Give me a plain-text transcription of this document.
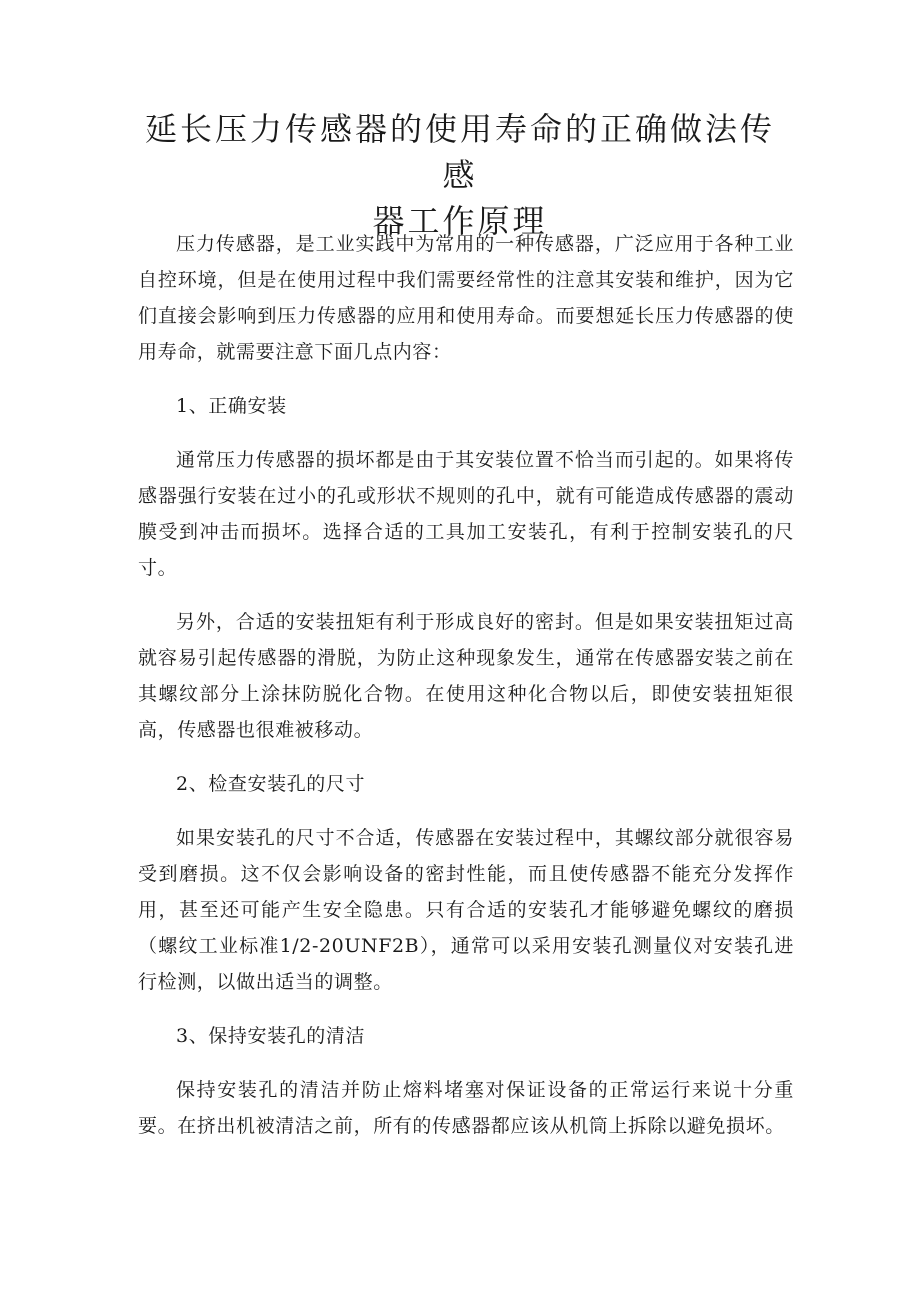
延长压力传感器的使用寿命的正确做法传感
器工作原理

压力传感器，是工业实践中为常用的一种传感器，广泛应用于各种工业自控环境，但是在使用过程中我们需要经常性的注意其安装和维护，因为它们直接会影响到压力传感器的应用和使用寿命。而要想延长压力传感器的使用寿命，就需要注意下面几点内容：

1、正确安装

通常压力传感器的损坏都是由于其安装位置不恰当而引起的。如果将传感器强行安装在过小的孔或形状不规则的孔中，就有可能造成传感器的震动膜受到冲击而损坏。选择合适的工具加工安装孔，有利于控制安装孔的尺寸。

另外，合适的安装扭矩有利于形成良好的密封。但是如果安装扭矩过高就容易引起传感器的滑脱，为防止这种现象发生，通常在传感器安装之前在其螺纹部分上涂抹防脱化合物。在使用这种化合物以后，即使安装扭矩很高，传感器也很难被移动。

2、检查安装孔的尺寸

如果安装孔的尺寸不合适，传感器在安装过程中，其螺纹部分就很容易受到磨损。这不仅会影响设备的密封性能，而且使传感器不能充分发挥作用，甚至还可能产生安全隐患。只有合适的安装孔才能够避免螺纹的磨损（螺纹工业标准1/2-20UNF2B），通常可以采用安装孔测量仪对安装孔进行检测，以做出适当的调整。

3、保持安装孔的清洁

保持安装孔的清洁并防止熔料堵塞对保证设备的正常运行来说十分重要。在挤出机被清洁之前，所有的传感器都应该从机筒上拆除以避免损坏。
